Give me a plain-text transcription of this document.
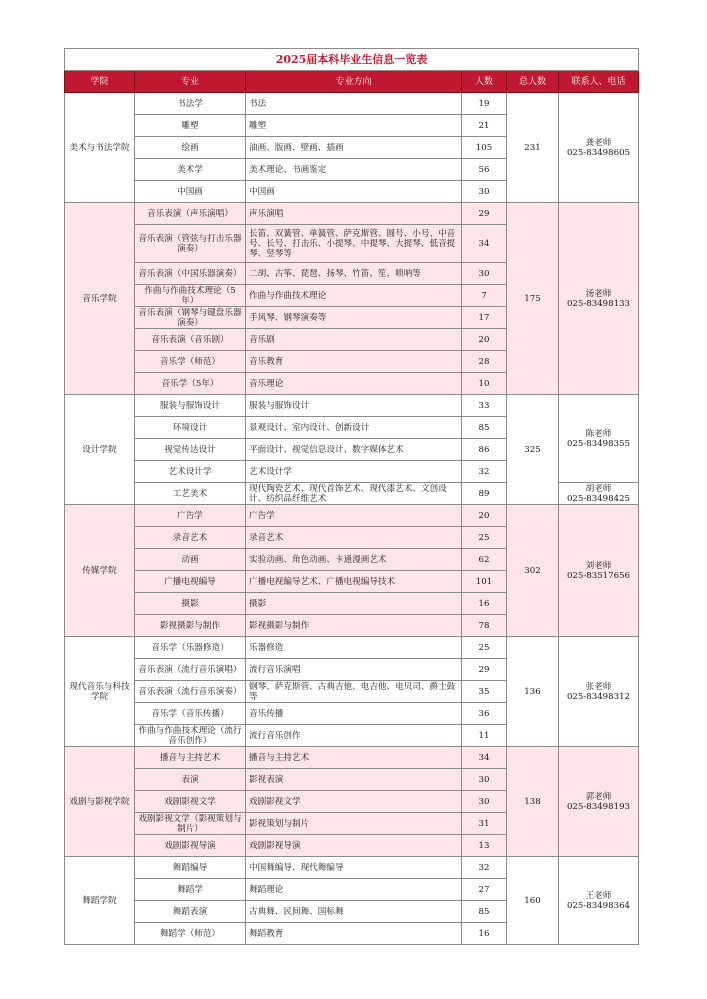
2025届本科毕业生信息一览表					
学院	专业	专业方向	人数	总人数	联系人、电话
美术与书法学院	书法学	书法	19	231	龚老师
025-83498605

	雕塑	雕塑	21		
	绘画	油画、版画、壁画、插画	105		
	美术学	美术理论、书画鉴定	56		
	中国画	中国画	30		
音乐学院	音乐表演（声乐演唱）	声乐演唱	29	175	汤老师
025-83498133

	音乐表演（管弦与打击乐器演奏）	长笛、双簧管、单簧管、萨克斯管、圆号、小号、中音号、长号、打击乐、小提琴、中提琴、大提琴、低音提琴、竖琴等	34		
	音乐表演（中国乐器演奏）	二胡、古筝、琵琶、扬琴、竹笛、笙、唢呐等	30		
	作曲与作曲技术理论（5年）	作曲与作曲技术理论	7		
	音乐表演（钢琴与键盘乐器演奏）	手风琴、钢琴演奏等	17		
	音乐表演（音乐剧）	音乐剧	20		
	音乐学（师范）	音乐教育	28		
	音乐学（5年）	音乐理论	10		
设计学院	服装与服饰设计	服装与服饰设计	33	325	陈老师
025-83498355

	环境设计	景观设计、室内设计、创新设计	85		
	视觉传达设计	平面设计、视觉信息设计、数字媒体艺术	86		
	艺术设计学	艺术设计学	32		
	工艺美术	现代陶瓷艺术、现代首饰艺术、现代漆艺术、文创设计、纺织品纤维艺术	89		胡老师
025-83498425

传媒学院	广告学	广告学	20	302	刘老师
025-83517656

	录音艺术	录音艺术	25		
	动画	实验动画、角色动画、卡通漫画艺术	62		
	广播电视编导	广播电视编导艺术、广播电视编导技术	101		
	摄影	摄影	16		
	影视摄影与制作	影视摄影与制作	78		
现代音乐与科技学院	音乐学（乐器修造）	乐器修造	25	136	张老师
025-83498312

	音乐表演（流行音乐演唱）	流行音乐演唱	29		
	音乐表演（流行音乐演奏）	钢琴、萨克斯管、古典吉他、电吉他、电贝司、爵士鼓等	35		
	音乐学（音乐传播）	音乐传播	36		
	作曲与作曲技术理论（流行音乐创作）	流行音乐创作	11		
戏剧与影视学院	播音与主持艺术	播音与主持艺术	34	138	郭老师
025-83498193

	表演	影视表演	30		
	戏剧影视文学	戏剧影视文学	30		
	戏剧影视文学（影视策划与制片）	影视策划与制片	31		
	戏剧影视导演	戏剧影视导演	13		
舞蹈学院	舞蹈编导	中国舞编导、现代舞编导	32	160	王老师
025-83498364

	舞蹈学	舞蹈理论	27		
	舞蹈表演	古典舞、民间舞、国标舞	85		
	舞蹈学（师范）	舞蹈教育	16		
